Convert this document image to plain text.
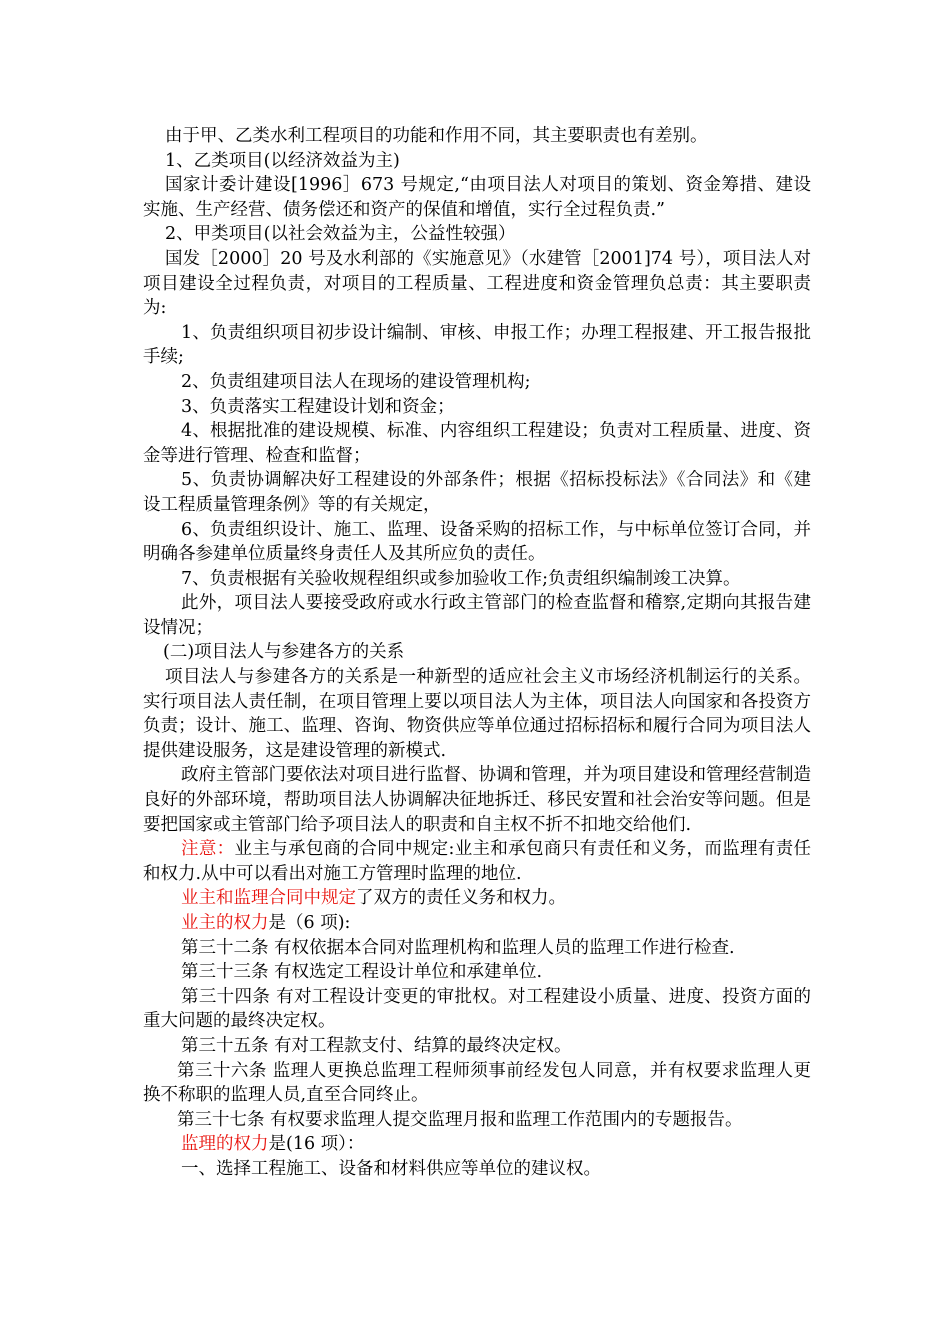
由于甲、乙类水利工程项目的功能和作用不同，其主要职责也有差别。

1、乙类项目(以经济效益为主)

国家计委计建设[1996］673 号规定,“由项目法人对项目的策划、资金筹措、建设实施、生产经营、债务偿还和资产的保值和增值，实行全过程负责.”

2、甲类项目(以社会效益为主，公益性较强）

国发［2000］20 号及水利部的《实施意见》（水建管［2001]74 号），项目法人对项目建设全过程负责，对项目的工程质量、工程进度和资金管理负总责：其主要职责为:

1、负责组织项目初步设计编制、审核、申报工作；办理工程报建、开工报告报批手续;

2、负责组建项目法人在现场的建设管理机构;

3、负责落实工程建设计划和资金；

4、根据批准的建设规模、标准、内容组织工程建设；负责对工程质量、进度、资金等进行管理、检查和监督；

5、负责协调解决好工程建设的外部条件；根据《招标投标法》《合同法》和《建设工程质量管理条例》等的有关规定，

6、负责组织设计、施工、监理、设备采购的招标工作，与中标单位签订合同，并明确各参建单位质量终身责任人及其所应负的责任。

7、负责根据有关验收规程组织或参加验收工作;负责组织编制竣工决算。

此外，项目法人要接受政府或水行政主管部门的检查监督和稽察,定期向其报告建设情况；

(二)项目法人与参建各方的关系

项目法人与参建各方的关系是一种新型的适应社会主义市场经济机制运行的关系。实行项目法人责任制，在项目管理上要以项目法人为主体，项目法人向国家和各投资方负责；设计、施工、监理、咨询、物资供应等单位通过招标招标和履行合同为项目法人提供建设服务，这是建设管理的新模式.

政府主管部门要依法对项目进行监督、协调和管理，并为项目建设和管理经营制造良好的外部环境，帮助项目法人协调解决征地拆迁、移民安置和社会治安等问题。但是要把国家或主管部门给予项目法人的职责和自主权不折不扣地交给他们.

注意：业主与承包商的合同中规定:业主和承包商只有责任和义务，而监理有责任和权力.从中可以看出对施工方管理时监理的地位.

业主和监理合同中规定了双方的责任义务和权力。

业主的权力是（6 项):

第三十二条 有权依据本合同对监理机构和监理人员的监理工作进行检查.

第三十三条 有权选定工程设计单位和承建单位.

第三十四条 有对工程设计变更的审批权。对工程建设小质量、进度、投资方面的重大问题的最终决定权。

第三十五条 有对工程款支付、结算的最终决定权。

第三十六条 监理人更换总监理工程师须事前经发包人同意，并有权要求监理人更换不称职的监理人员,直至合同终止。

第三十七条 有权要求监理人提交监理月报和监理工作范围内的专题报告。

监理的权力是(16 项）：

一、选择工程施工、设备和材料供应等单位的建议权。
